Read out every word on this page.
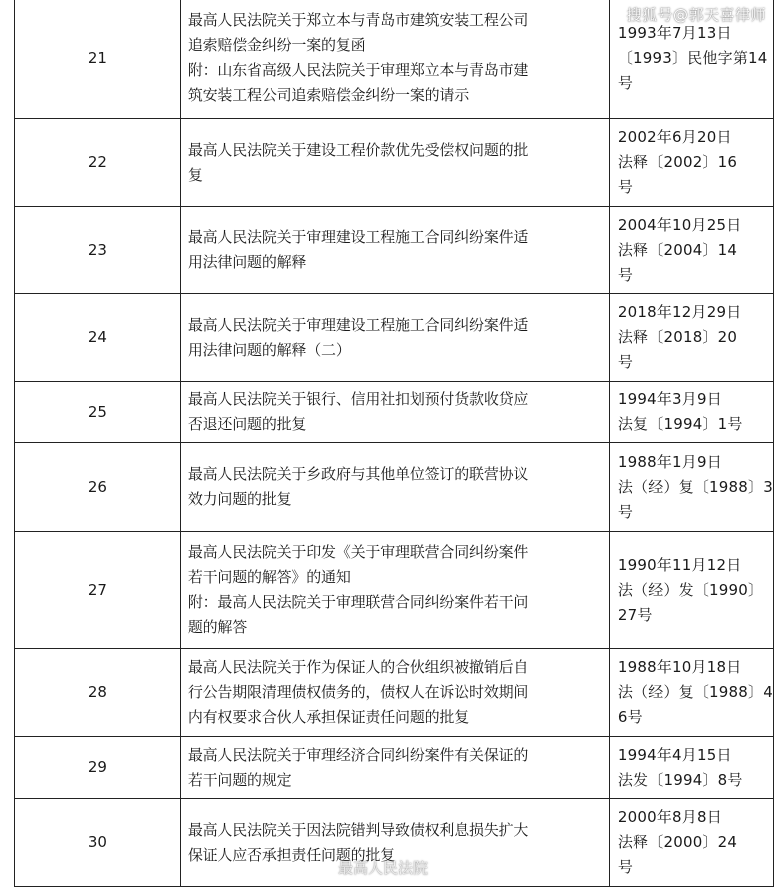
21	最高人民法院关于郑立本与青岛市建筑安装工程公司
追索赔偿金纠纷一案的复函
附：山东省高级人民法院关于审理郑立本与青岛市建
筑安装工程公司追索赔偿金纠纷一案的请示	1993年7月13日
〔1993〕民他字第14
号

22	最高人民法院关于建设工程价款优先受偿权问题的批
复	2002年6月20日
法释〔2002〕16
号

23	最高人民法院关于审理建设工程施工合同纠纷案件适
用法律问题的解释	2004年10月25日
法释〔2004〕14
号

24	最高人民法院关于审理建设工程施工合同纠纷案件适
用法律问题的解释（二）	2018年12月29日
法释〔2018〕20
号

25	最高人民法院关于银行、信用社扣划预付货款收贷应
否退还问题的批复	1994年3月9日
法复〔1994〕1号

26	最高人民法院关于乡政府与其他单位签订的联营协议
效力问题的批复	1988年1月9日
法（经）复〔1988〕3
号

27	最高人民法院关于印发《关于审理联营合同纠纷案件
若干问题的解答》的通知
附：最高人民法院关于审理联营合同纠纷案件若干问
题的解答	1990年11月12日
法（经）发〔1990〕
27号

28	最高人民法院关于作为保证人的合伙组织被撤销后自
行公告期限清理债权债务的，债权人在诉讼时效期间
内有权要求合伙人承担保证责任问题的批复	1988年10月18日
法（经）复〔1988〕4
6号

29	最高人民法院关于审理经济合同纠纷案件有关保证的
若干问题的规定	1994年4月15日
法发〔1994〕8号

30	最高人民法院关于因法院错判导致债权利息损失扩大
保证人应否承担责任问题的批复	2000年8月8日
法释〔2000〕24
号
搜狐号@郭天喜律师
最高人民法院
